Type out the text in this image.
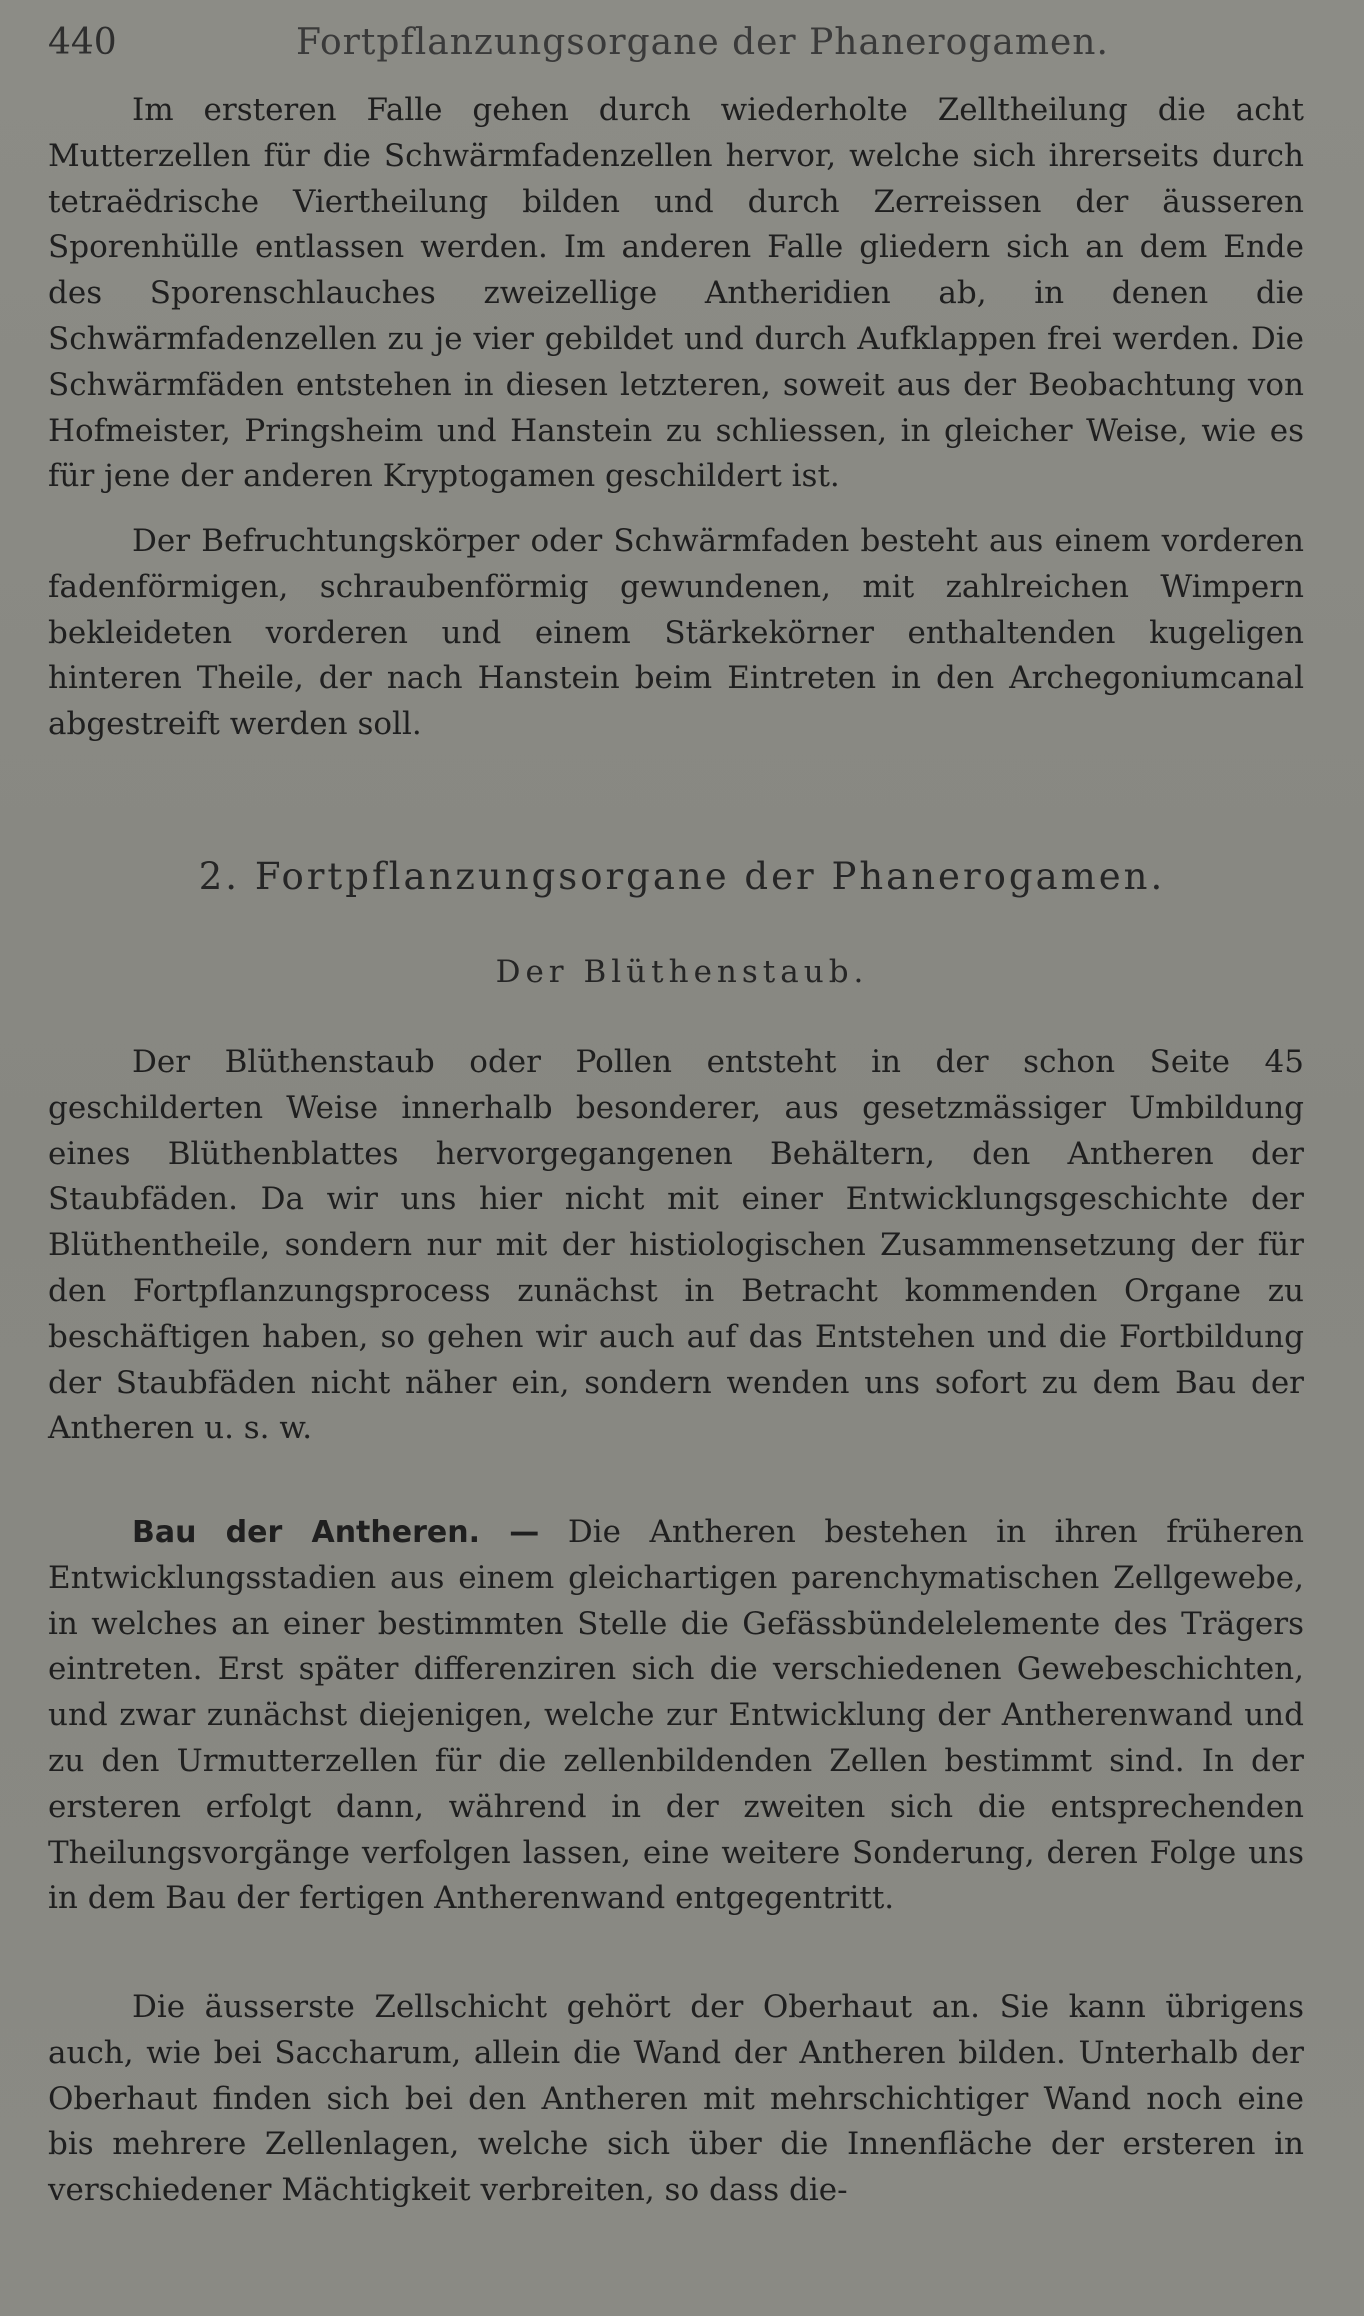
440	Fortpflanzungsorgane der Phanerogamen.

Im ersteren Falle gehen durch wiederholte Zelltheilung die acht Mutterzellen für die Schwärmfadenzellen hervor, welche sich ihrerseits durch tetraëdrische Viertheilung bilden und durch Zerreissen der äusseren Sporenhülle entlassen werden. Im anderen Falle gliedern sich an dem Ende des Sporenschlauches zweizellige Antheridien ab, in denen die Schwärmfadenzellen zu je vier gebildet und durch Aufklappen frei werden. Die Schwärmfäden entstehen in diesen letzteren, soweit aus der Beobachtung von Hofmeister, Pringsheim und Hanstein zu schliessen, in gleicher Weise, wie es für jene der anderen Kryptogamen geschildert ist.

Der Befruchtungskörper oder Schwärmfaden besteht aus einem vorderen fadenförmigen, schraubenförmig gewundenen, mit zahlreichen Wimpern bekleideten vorderen und einem Stärkekörner enthaltenden kugeligen hinteren Theile, der nach Hanstein beim Eintreten in den Archegoniumcanal abgestreift werden soll.

2. Fortpflanzungsorgane der Phanerogamen.
Der Blüthenstaub.

Der Blüthenstaub oder Pollen entsteht in der schon Seite 45 geschilderten Weise innerhalb besonderer, aus gesetzmässiger Umbildung eines Blüthenblattes hervorgegangenen Behältern, den Antheren der Staubfäden. Da wir uns hier nicht mit einer Entwicklungsgeschichte der Blüthentheile, sondern nur mit der histiologischen Zusammensetzung der für den Fortpflanzungsprocess zunächst in Betracht kommenden Organe zu beschäftigen haben, so gehen wir auch auf das Entstehen und die Fortbildung der Staubfäden nicht näher ein, sondern wenden uns sofort zu dem Bau der Antheren u. s. w.

Bau der Antheren. — Die Antheren bestehen in ihren früheren Entwicklungsstadien aus einem gleichartigen parenchymatischen Zellgewebe, in welches an einer bestimmten Stelle die Gefässbündelelemente des Trägers eintreten. Erst später differenziren sich die verschiedenen Gewebeschichten, und zwar zunächst diejenigen, welche zur Entwicklung der Antherenwand und zu den Urmutterzellen für die zellenbildenden Zellen bestimmt sind. In der ersteren erfolgt dann, während in der zweiten sich die entsprechenden Theilungsvorgänge verfolgen lassen, eine weitere Sonderung, deren Folge uns in dem Bau der fertigen Antherenwand entgegentritt.

Die äusserste Zellschicht gehört der Oberhaut an. Sie kann übrigens auch, wie bei Saccharum, allein die Wand der Antheren bilden. Unterhalb der Oberhaut finden sich bei den Antheren mit mehrschichtiger Wand noch eine bis mehrere Zellenlagen, welche sich über die Innenfläche der ersteren in verschiedener Mächtigkeit verbreiten, so dass die-
